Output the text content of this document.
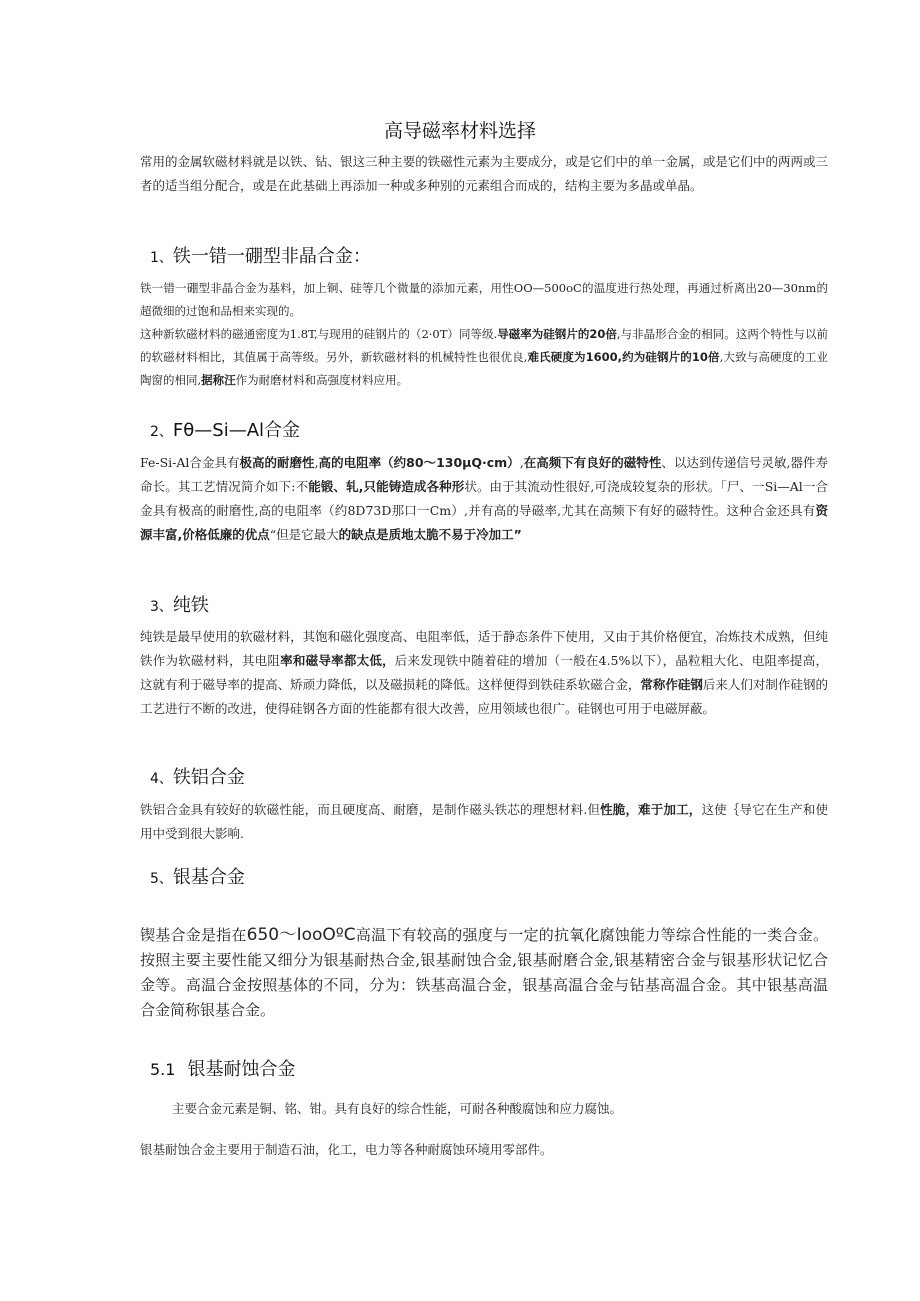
高导磁率材料选择

常用的金属软磁材料就是以铁、钻、银这三种主要的铁磁性元素为主要成分，或是它们中的单一金属，或是它们中的两两或三者的适当组分配合，或是在此基础上再添加一种或多种别的元素组合而成的，结构主要为多晶或单晶。

1、铁一错一硼型非晶合金：

铁一错一硼型非晶合金为基料，加上铜、硅等几个微量的添加元素，用性OO—500oC的温度进行热处理，再通过析离出20—30nm的超微细的过饱和品相来实现的。

这种新软磁材料的磁通密度为1.8T,与现用的硅钢片的（2·0T）同等级.导磁率为硅钢片的20倍,与非晶形合金的相同。这两个特性与以前的软磁材料相比，其值属于高等级。另外，新软磁材料的机械特性也很优良,难氏硬度为1600,约为硅钢片的10倍,大致与高硬度的工业陶窗的相同,据称汪作为耐磨材料和高强度材料应用。

2、Fθ—Si—Al合金

Fe-Si-Al合金具有极高的耐磨性,高的电阻率（约80～130μQ·cm）,在高频下有良好的磁特性、以达到传递信号灵敏,器件寿命长。其工艺情况简介如下:不能锻、轧,只能铸造成各种形状。由于其流动性很好,可浇成较复杂的形状。「尸、一Si—Al一合金具有极高的耐磨性,高的电阻率（约8D73D那口一Cm）,并有高的导磁率,尤其在高频下有好的磁特性。这种合金还具有资源丰富,价格低廉的优点“但是它最大的缺点是质地太脆不易于冷加工”

3、纯铁

纯铁是最早使用的软磁材料，其饱和磁化强度高、电阻率低，适于静态条件下使用，又由于其价格便宜，冶炼技术成熟，但纯铁作为软磁材料，其电阻率和磁导率都太低，后来发现铁中随着硅的增加（一般在4.5%以下），晶粒粗大化、电阻率提高，这就有利于磁导率的提高、矫顽力降低，以及磁损耗的降低。这样便得到铁硅系软磁合金，常称作硅钢后来人们对制作硅钢的工艺进行不断的改进，使得硅钢各方面的性能都有很大改善，应用领域也很广。硅钢也可用于电磁屏蔽。

4、铁铝合金

铁铝合金具有较好的软磁性能，而且硬度高、耐磨，是制作磁头铁芯的理想材料.但性脆，难于加工，这使｛导它在生产和使用中受到很大影响.

5、银基合金

锲基合金是指在650～IooOºC高温下有较高的强度与一定的抗氧化腐蚀能力等综合性能的一类合金。按照主要主要性能又细分为银基耐热合金,银基耐蚀合金,银基耐磨合金,银基精密合金与银基形状记忆合金等。高温合金按照基体的不同，分为：铁基高温合金，银基高温合金与钻基高温合金。其中银基高温合金简称银基合金。

5.1 银基耐蚀合金

主要合金元素是铜、铭、钳。具有良好的综合性能，可耐各种酸腐蚀和应力腐蚀。

银基耐蚀合金主要用于制造石油，化工，电力等各种耐腐蚀环境用零部件。
